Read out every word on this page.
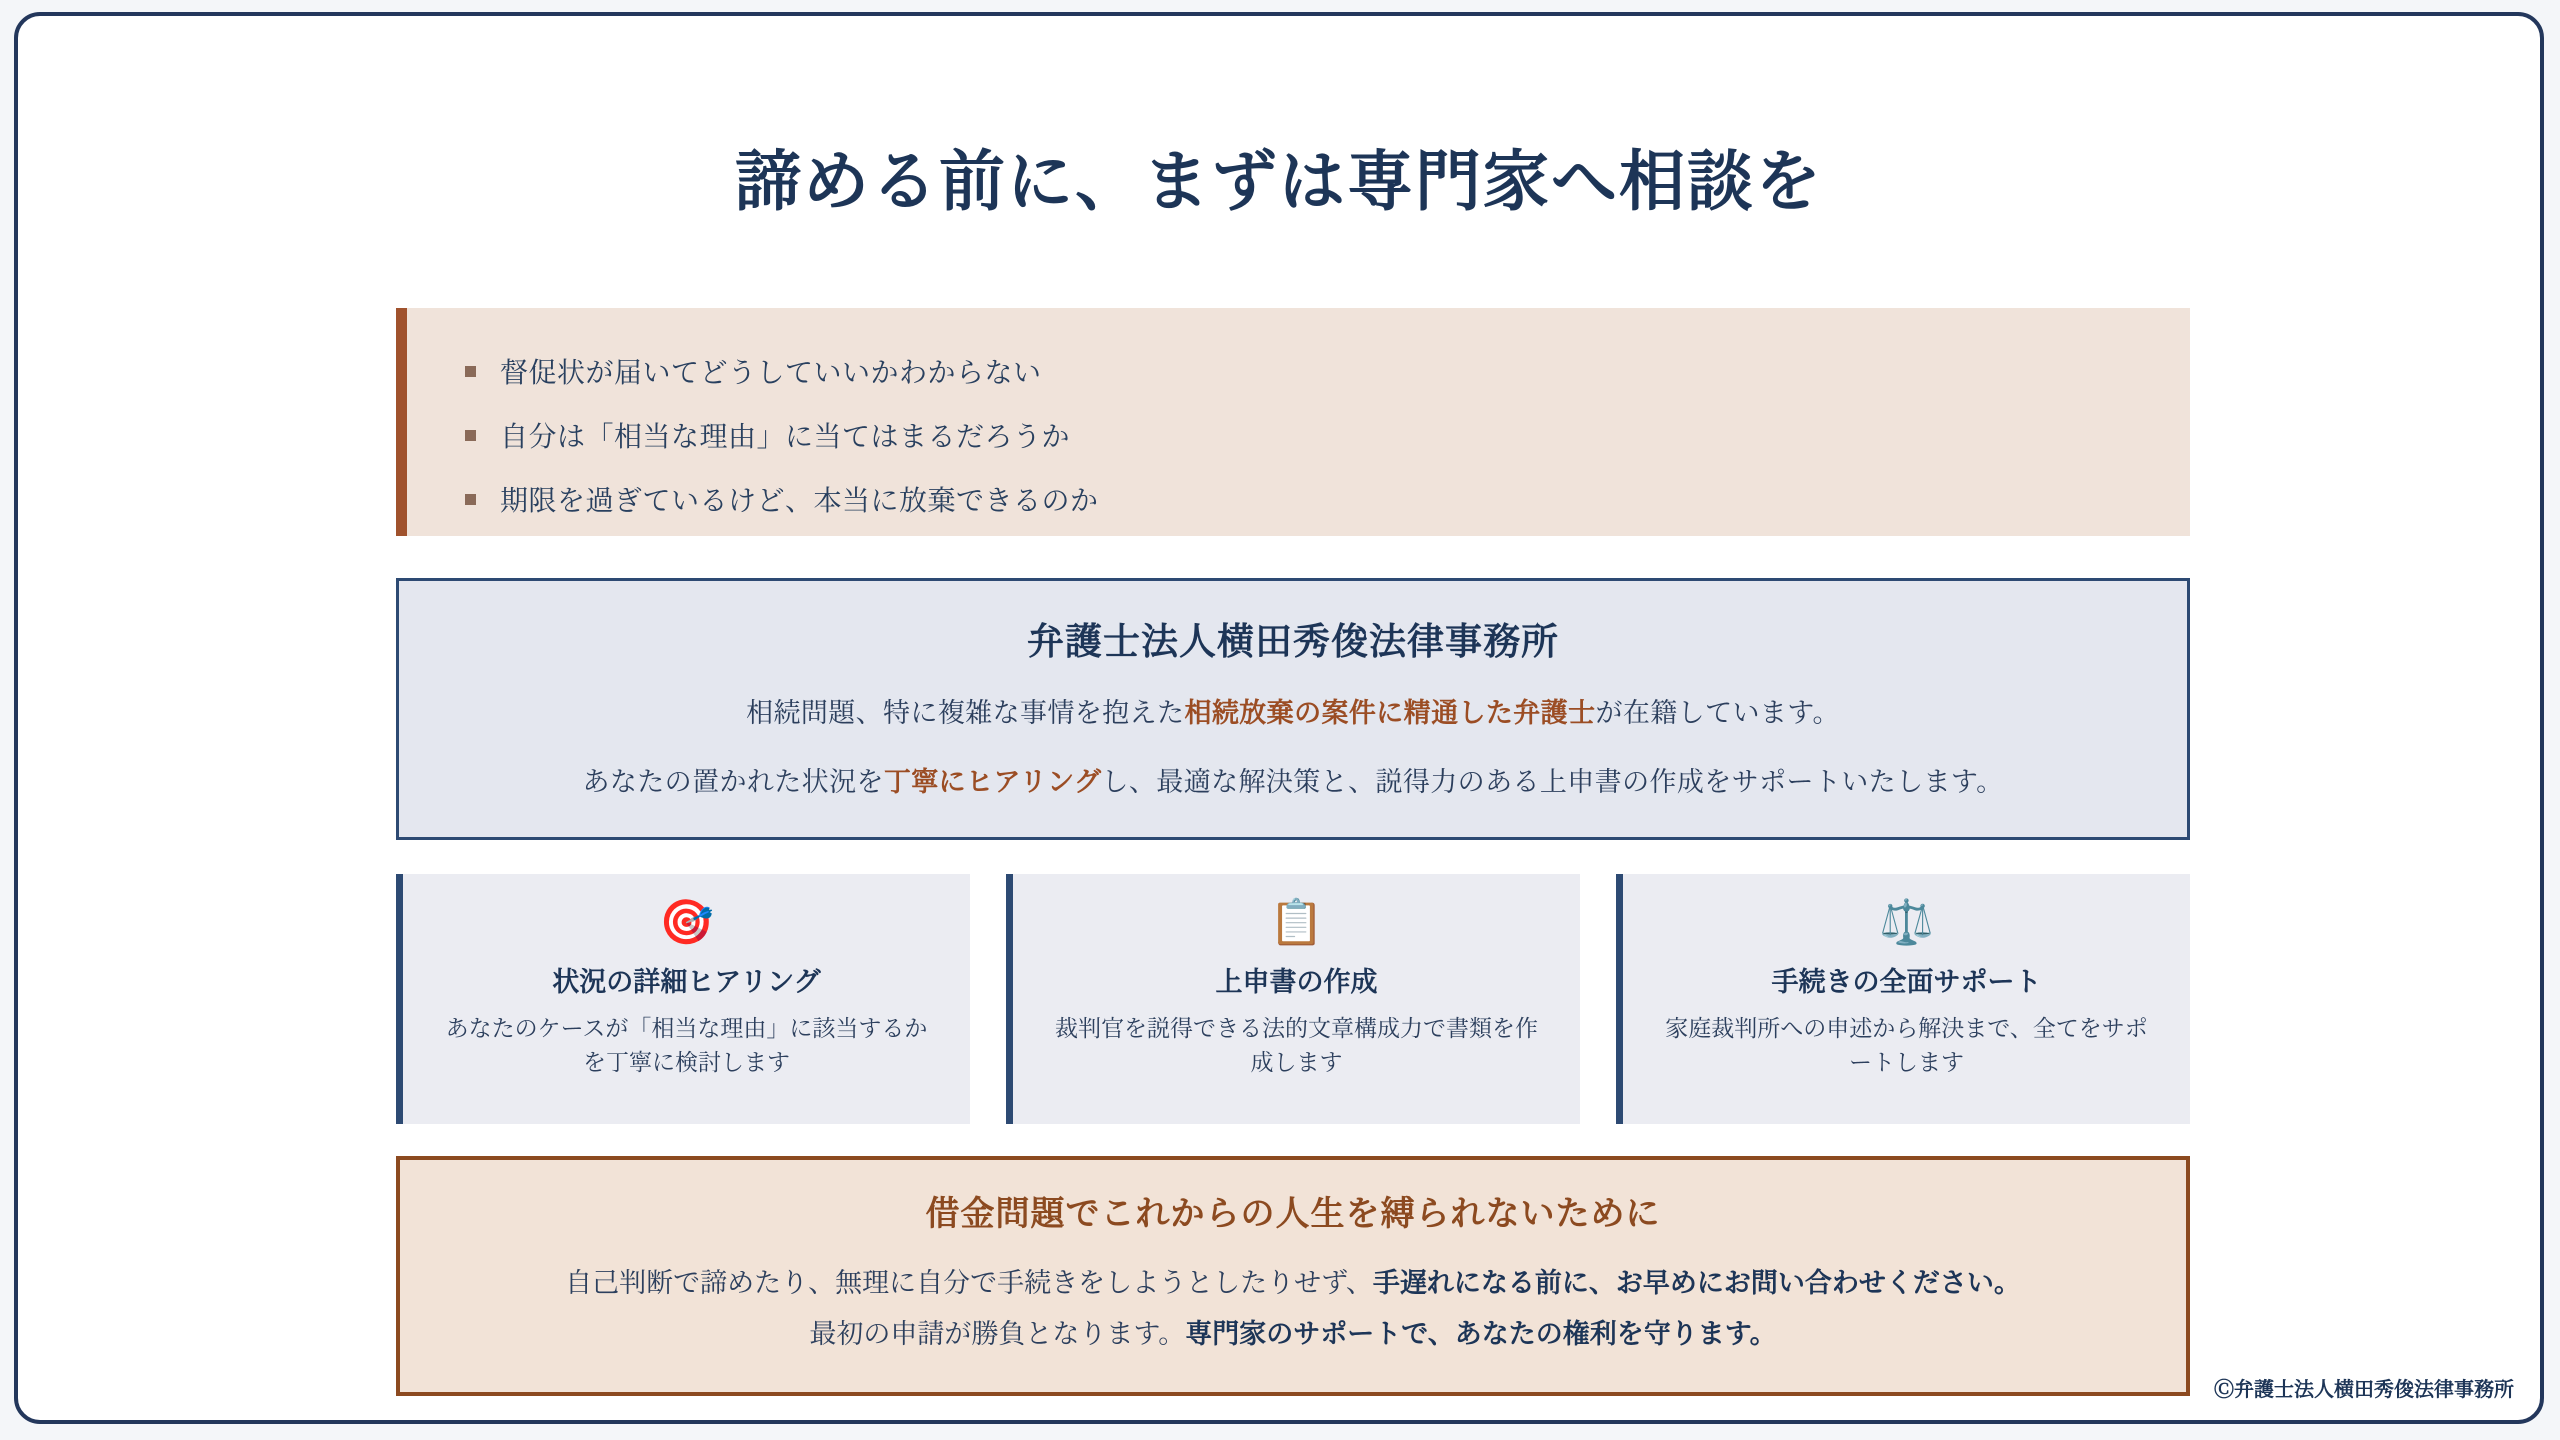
諦める前に、まずは専門家へ相談を
督促状が届いてどうしていいかわからない
自分は「相当な理由」に当てはまるだろうか
期限を過ぎているけど、本当に放棄できるのか
弁護士法人横田秀俊法律事務所
相続問題、特に複雑な事情を抱えた相続放棄の案件に精通した弁護士が在籍しています。
あなたの置かれた状況を丁寧にヒアリングし、最適な解決策と、説得力のある上申書の作成をサポートいたします。
🎯
状況の詳細ヒアリング
あなたのケースが「相当な理由」に該当するかを丁寧に検討します
📋
上申書の作成
裁判官を説得できる法的文章構成力で書類を作成します
⚖️
手続きの全面サポート
家庭裁判所への申述から解決まで、全てをサポートします
借金問題でこれからの人生を縛られないために
自己判断で諦めたり、無理に自分で手続きをしようとしたりせず、手遅れになる前に、お早めにお問い合わせください。
最初の申請が勝負となります。専門家のサポートで、あなたの権利を守ります。
Ⓒ弁護士法人横田秀俊法律事務所
